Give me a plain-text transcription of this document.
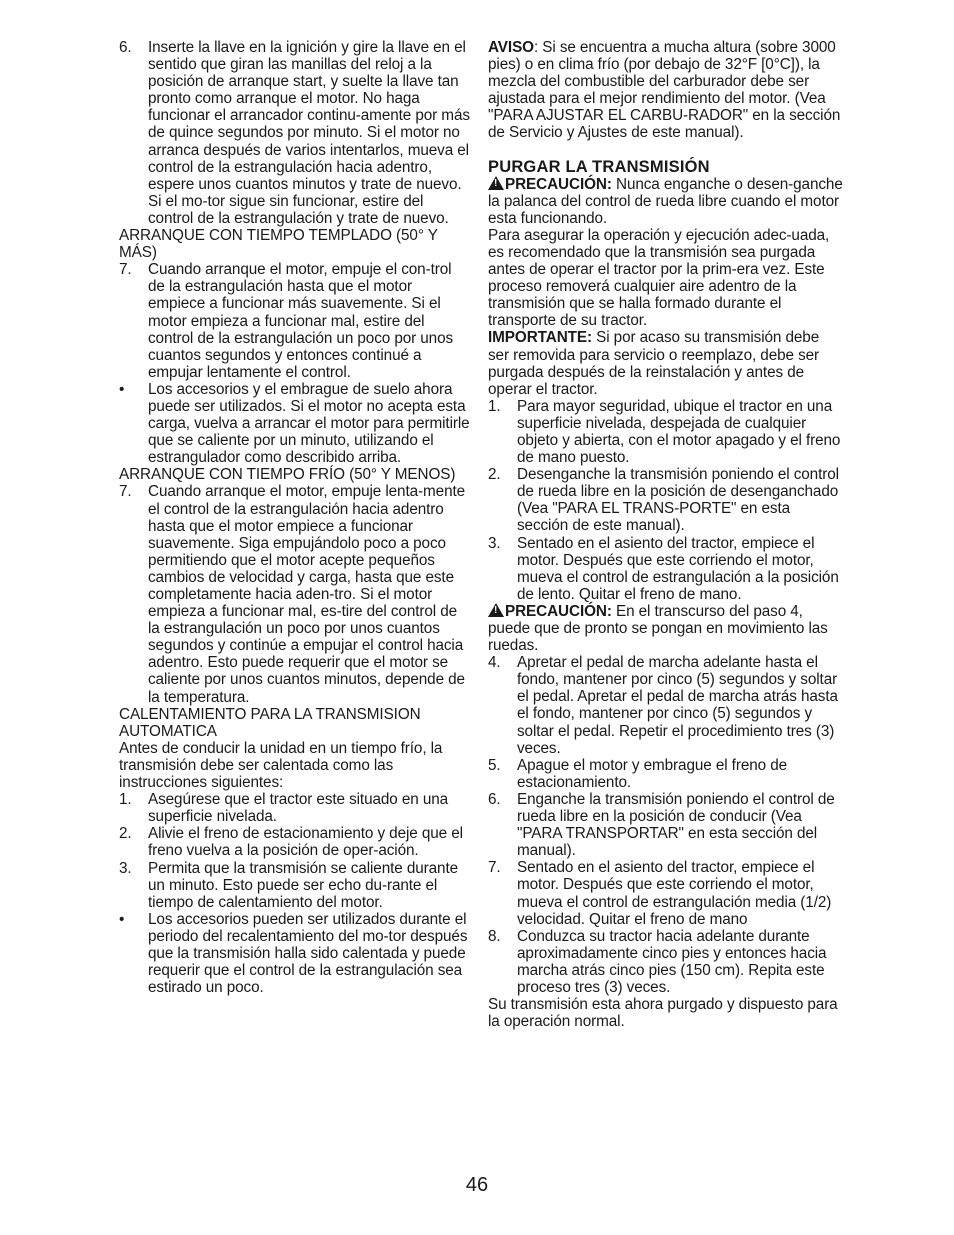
6. Inserte la llave en la ignición y gire la llave en el sentido que giran las manillas del reloj a la posición de arranque start, y suelte la llave tan pronto como arranque el motor. No haga funcionar el arrancador continu-amente por más de quince segundos por minuto. Si el motor no arranca después de varios intentarlos, mueva el control de la estrangulación hacia adentro, espere unos cuantos minutos y trate de nuevo. Si el mo-tor sigue sin funcionar, estire del control de la estrangulación y trate de nuevo.
ARRANQUE CON TIEMPO TEMPLADO (50° Y MÁS)
7. Cuando arranque el motor, empuje el con-trol de la estrangulación hasta que el motor empiece a funcionar más suavemente. Si el motor empieza a funcionar mal, estire del control de la estrangulación un poco por unos cuantos segundos y entonces continué a empujar lentamente el control.
• Los accesorios y el embrague de suelo ahora puede ser utilizados. Si el motor no acepta esta carga, vuelva a arrancar el motor para permitirle que se caliente por un minuto, utilizando el estrangulador como describido arriba.
ARRANQUE CON TIEMPO FRÍO (50° Y MENOS)
7. Cuando arranque el motor, empuje lenta-mente el control de la estrangulación hacia adentro hasta que el motor empiece a funcionar suavemente. Siga empujándolo poco a poco permitiendo que el motor acepte pequeños cambios de velocidad y carga, hasta que este completamente hacia aden-tro. Si el motor empieza a funcionar mal, es-tire del control de la estrangulación un poco por unos cuantos segundos y continúe a empujar el control hacia adentro. Esto puede requerir que el motor se caliente por unos cuantos minutos, depende de la temperatura.
CALENTAMIENTO PARA LA TRANSMISION AUTOMATICA
Antes de conducir la unidad en un tiempo frío, la transmisión debe ser calentada como las instrucciones siguientes:
1. Asegúrese que el tractor este situado en una superficie nivelada.
2. Alivie el freno de estacionamiento y deje que el freno vuelva a la posición de oper-ación.
3. Permita que la transmisión se caliente durante un minuto. Esto puede ser echo du-rante el tiempo de calentamiento del motor.
• Los accesorios pueden ser utilizados durante el periodo del recalentamiento del mo-tor después que la transmisión halla sido calentada y puede requerir que el control de la estrangulación sea estirado un poco.
AVISO: Si se encuentra a mucha altura (sobre 3000 pies) o en clima frío (por debajo de 32°F [0°C]), la mezcla del combustible del carburador debe ser ajustada para el mejor rendimiento del motor. (Vea "PARA AJUSTAR EL CARBU-RADOR" en la sección de Servicio y Ajustes de este manual).
PURGAR LA TRANSMISIÓN
!PRECAUCIÓN: Nunca enganche o desen-ganche la palanca del control de rueda libre cuando el motor esta funcionando.
Para asegurar la operación y ejecución adec-uada, es recomendado que la transmisión sea purgada antes de operar el tractor por la prim-era vez. Este proceso removerá cualquier aire adentro de la transmisión que se halla formado durante el transporte de su tractor.
IMPORTANTE: Si por acaso su transmisión debe ser removida para servicio o reemplazo, debe ser purgada después de la reinstalación y antes de operar el tractor.
1. Para mayor seguridad, ubique el tractor en una superficie nivelada, despejada de cualquier objeto y abierta, con el motor apagado y el freno de mano puesto.
2. Desenganche la transmisión poniendo el control de rueda libre en la posición de desenganchado (Vea "PARA EL TRANS-PORTE" en esta sección de este manual).
3. Sentado en el asiento del tractor, empiece el motor. Después que este corriendo el motor, mueva el control de estrangulación a la posición de lento. Quitar el freno de mano.
!PRECAUCIÓN: En el transcurso del paso 4, puede que de pronto se pongan en movimiento las ruedas.
4. Apretar el pedal de marcha adelante hasta el fondo, mantener por cinco (5) segundos y soltar el pedal. Apretar el pedal de marcha atrás hasta el fondo, mantener por cinco (5) segundos y soltar el pedal. Repetir el procedimiento tres (3) veces.
5. Apague el motor y embrague el freno de estacionamiento.
6. Enganche la transmisión poniendo el control de rueda libre en la posición de conducir (Vea "PARA TRANSPORTAR" en esta sección del manual).
7. Sentado en el asiento del tractor, empiece el motor. Después que este corriendo el motor, mueva el control de estrangulación media (1/2) velocidad. Quitar el freno de mano
8. Conduzca su tractor hacia adelante durante aproximadamente cinco pies y entonces hacia marcha atrás cinco pies (150 cm). Repita este proceso tres (3) veces.
Su transmisión esta ahora purgado y dispuesto para la operación normal.
46
